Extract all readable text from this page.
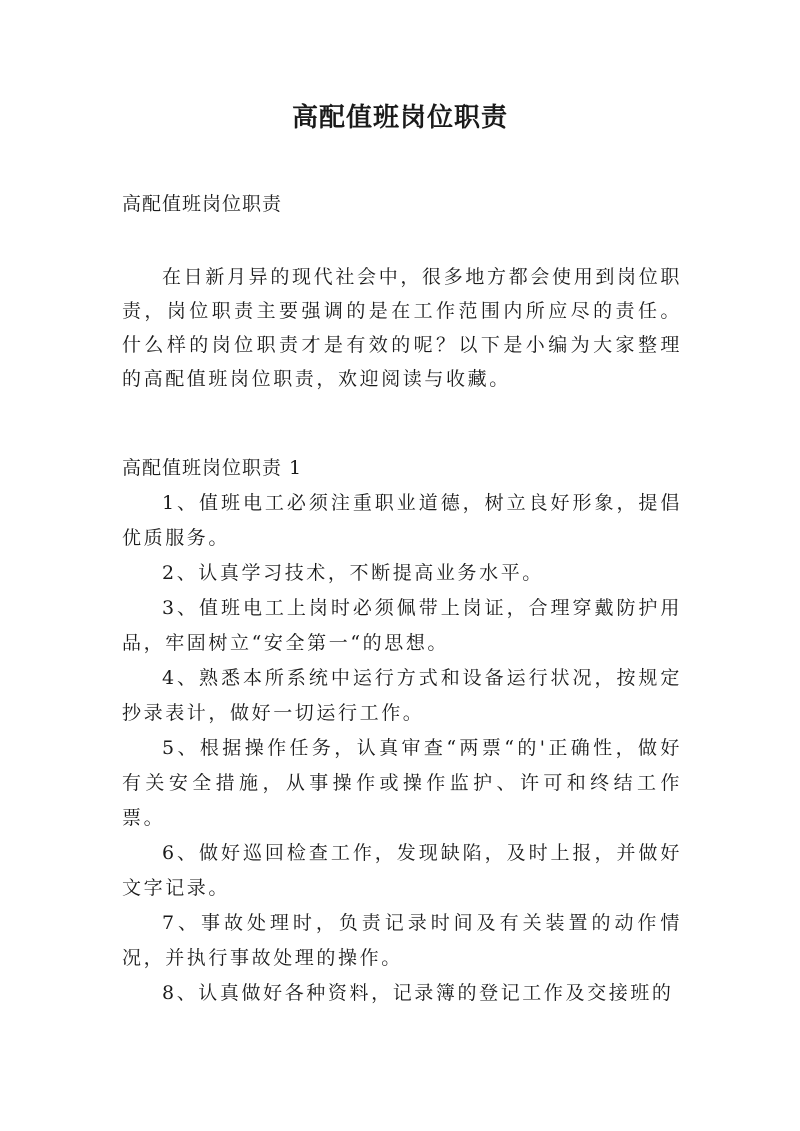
高配值班岗位职责
高配值班岗位职责

在日新月异的现代社会中，很多地方都会使用到岗位职责，岗位职责主要强调的是在工作范围内所应尽的责任。什么样的岗位职责才是有效的呢？以下是小编为大家整理的高配值班岗位职责，欢迎阅读与收藏。

高配值班岗位职责 1
1、值班电工必须注重职业道德，树立良好形象，提倡优质服务。
2、认真学习技术，不断提高业务水平。
3、值班电工上岗时必须佩带上岗证，合理穿戴防护用品，牢固树立“安全第一“的思想。
4、熟悉本所系统中运行方式和设备运行状况，按规定抄录表计，做好一切运行工作。
5、根据操作任务，认真审查“两票“的'正确性，做好有关安全措施，从事操作或操作监护、许可和终结工作票。
6、做好巡回检查工作，发现缺陷，及时上报，并做好文字记录。
7、事故处理时，负责记录时间及有关装置的动作情况，并执行事故处理的操作。
8、认真做好各种资料，记录簿的登记工作及交接班的
